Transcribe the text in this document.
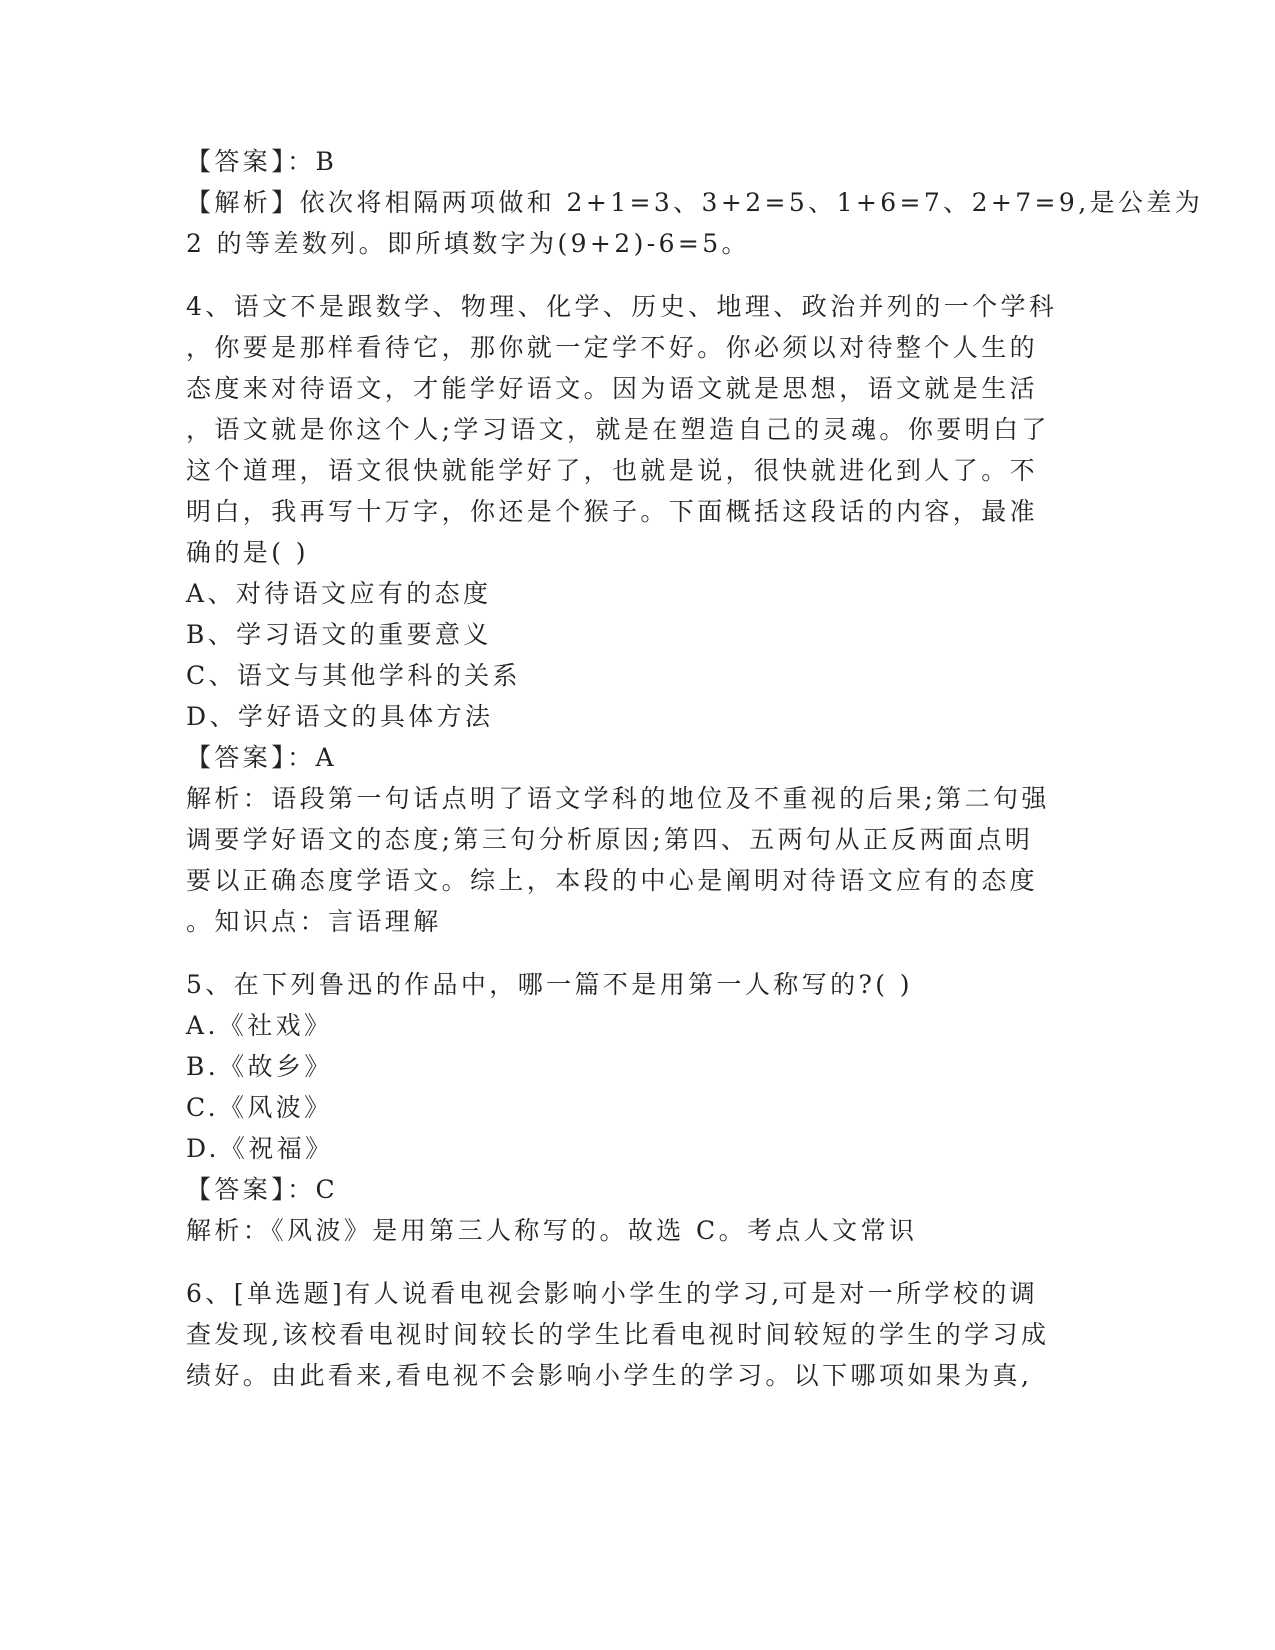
【答案】：B
【解析】依次将相隔两项做和 2+1=3、3+2=5、1+6=7、2+7=9,是公差为
2 的等差数列。即所填数字为(9+2)-6=5。
4、语文不是跟数学、物理、化学、历史、地理、政治并列的一个学科
，你要是那样看待它，那你就一定学不好。你必须以对待整个人生的
态度来对待语文，才能学好语文。因为语文就是思想，语文就是生活
，语文就是你这个人;学习语文，就是在塑造自己的灵魂。你要明白了
这个道理，语文很快就能学好了，也就是说，很快就进化到人了。不
明白，我再写十万字，你还是个猴子。下面概括这段话的内容，最准
确的是( )
A、对待语文应有的态度
B、学习语文的重要意义
C、语文与其他学科的关系
D、学好语文的具体方法
【答案】：A
解析：语段第一句话点明了语文学科的地位及不重视的后果;第二句强
调要学好语文的态度;第三句分析原因;第四、五两句从正反两面点明
要以正确态度学语文。综上，本段的中心是阐明对待语文应有的态度
。知识点：言语理解
5、在下列鲁迅的作品中，哪一篇不是用第一人称写的?( )
A.《社戏》
B.《故乡》
C.《风波》
D.《祝福》
【答案】：C
解析：《风波》是用第三人称写的。故选 C。考点人文常识
6、[单选题]有人说看电视会影响小学生的学习,可是对一所学校的调
查发现,该校看电视时间较长的学生比看电视时间较短的学生的学习成
绩好。由此看来,看电视不会影响小学生的学习。以下哪项如果为真,
